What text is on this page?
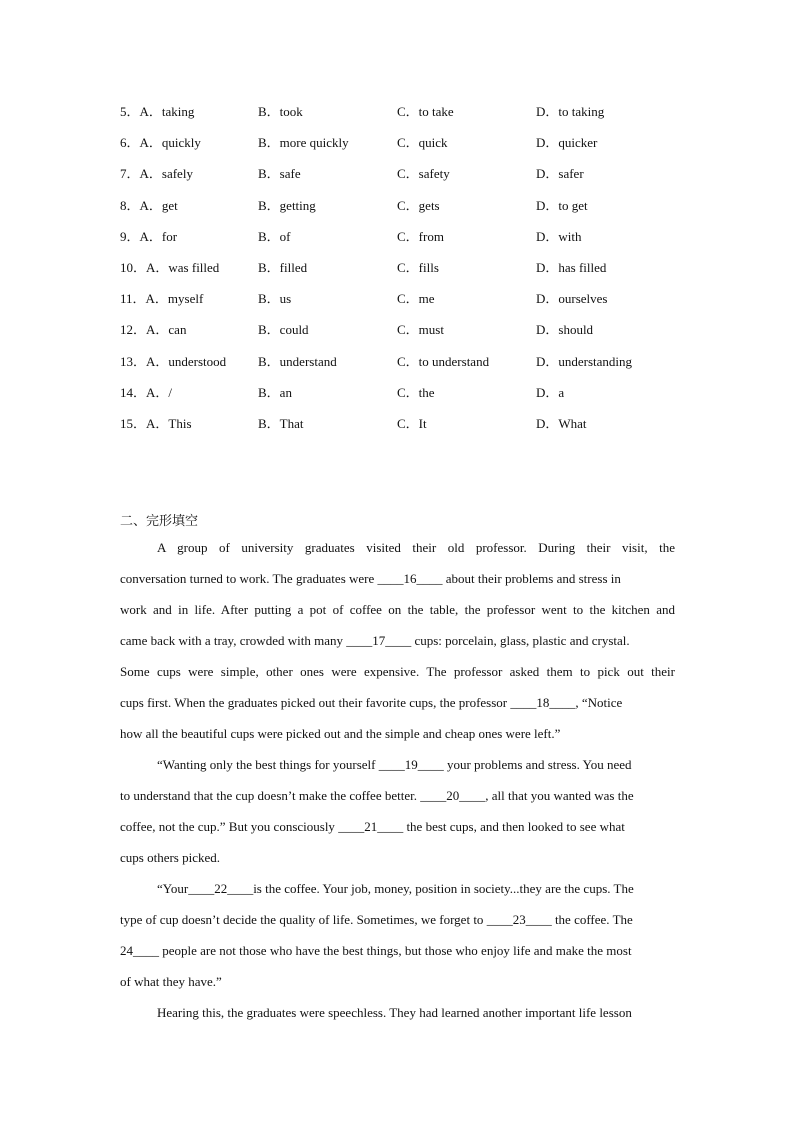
5．A．taking	B．took	C．to take	D．to taking
6．A．quickly	B．more quickly	C．quick	D．quicker
7．A．safely	B．safe	C．safety	D．safer
8．A．get	B．getting	C．gets	D．to get
9．A．for	B．of	C．from	D．with
10．A．was filled	B．filled	C．fills	D．has filled
11．A．myself	B．us	C．me	D．ourselves
12．A．can	B．could	C．must	D．should
13．A．understood B．understand	C．to understand	D．understanding
14．A．/	B．an	C．the	D．a
15．A．This	B．That	C．It	D．What
二、完形填空
A group of university graduates visited their old professor. During their visit, the
conversation turned to work. The graduates were ____16____ about their problems and stress in
work and in life. After putting a pot of coffee on the table, the professor went to the kitchen and
came back with a tray, crowded with many ____17____ cups: porcelain, glass, plastic and crystal.
Some cups were simple, other ones were expensive. The professor asked them to pick out their
cups first. When the graduates picked out their favorite cups, the professor ____18____, “Notice
how all the beautiful cups were picked out and the simple and cheap ones were left.”
“Wanting only the best things for yourself ____19____ your problems and stress. You need
to understand that the cup doesn’t make the coffee better. ____20____, all that you wanted was the
coffee, not the cup.” But you consciously ____21____ the best cups, and then looked to see what
cups others picked.
“Your____22____is the coffee. Your job, money, position in society...they are the cups. The
type of cup doesn’t decide the quality of life. Sometimes, we forget to ____23____ the coffee. The
24____ people are not those who have the best things, but those who enjoy life and make the most
of what they have.”
Hearing this, the graduates were speechless. They had learned another important life lesson
